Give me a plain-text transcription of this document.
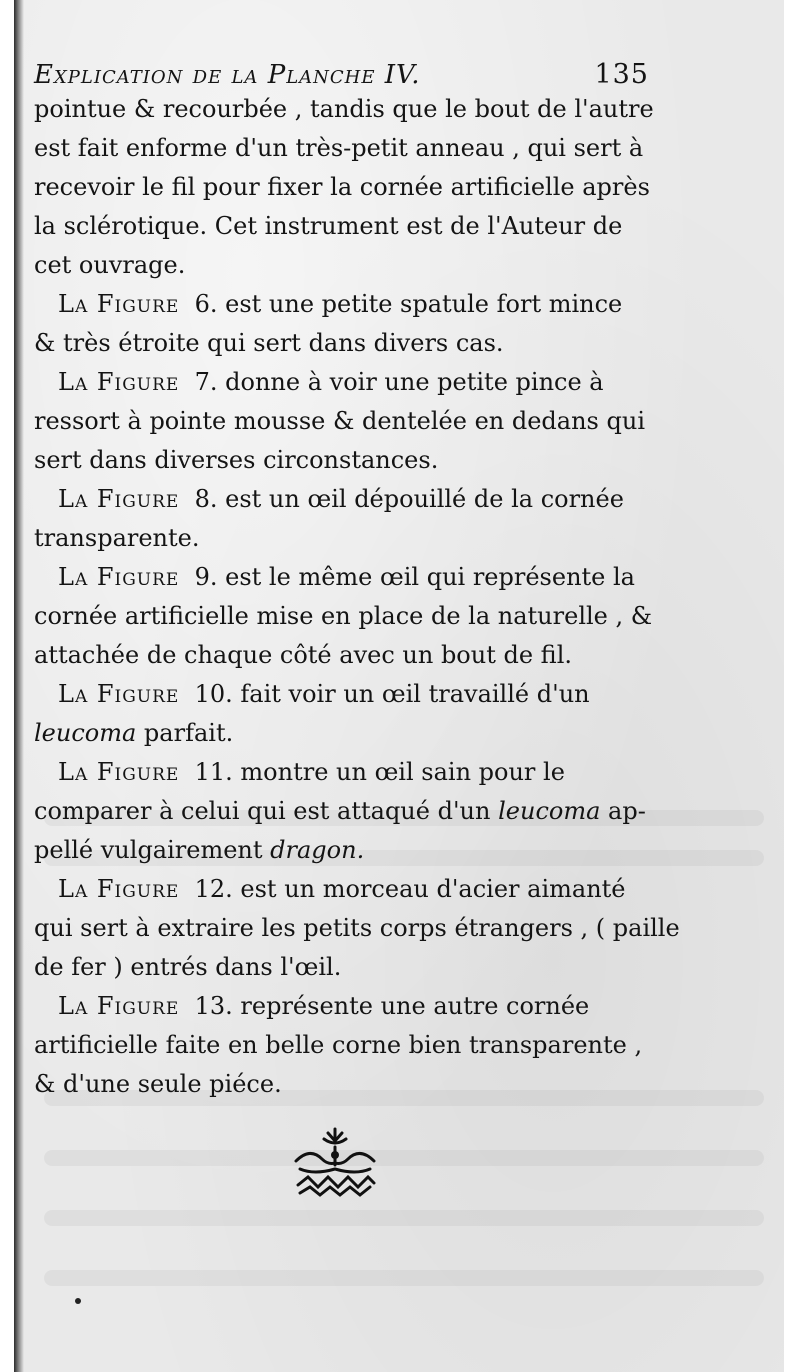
Explication de la Planche IV.	135
pointue & recourbée , tandis que le bout de l'autre
est fait enforme d'un très-petit anneau , qui sert à
recevoir le fil pour fixer la cornée artificielle après
la sclérotique. Cet instrument est de l'Auteur de
cet ouvrage.
La Figure 6. est une petite spatule fort mince
& très étroite qui sert dans divers cas.
La Figure 7. donne à voir une petite pince à
ressort à pointe mousse & dentelée en dedans qui
sert dans diverses circonstances.
La Figure 8. est un œil dépouillé de la cornée
transparente.
La Figure 9. est le même œil qui représente la
cornée artificielle mise en place de la naturelle , &
attachée de chaque côté avec un bout de fil.
La Figure 10. fait voir un œil travaillé d'un
leucoma parfait.
La Figure 11. montre un œil sain pour le
comparer à celui qui est attaqué d'un leucoma ap-
pellé vulgairement dragon.
La Figure 12. est un morceau d'acier aimanté
qui sert à extraire les petits corps étrangers , ( paille
de fer ) entrés dans l'œil.
La Figure 13. représente une autre cornée
artificielle faite en belle corne bien transparente ,
& d'une seule piéce.
